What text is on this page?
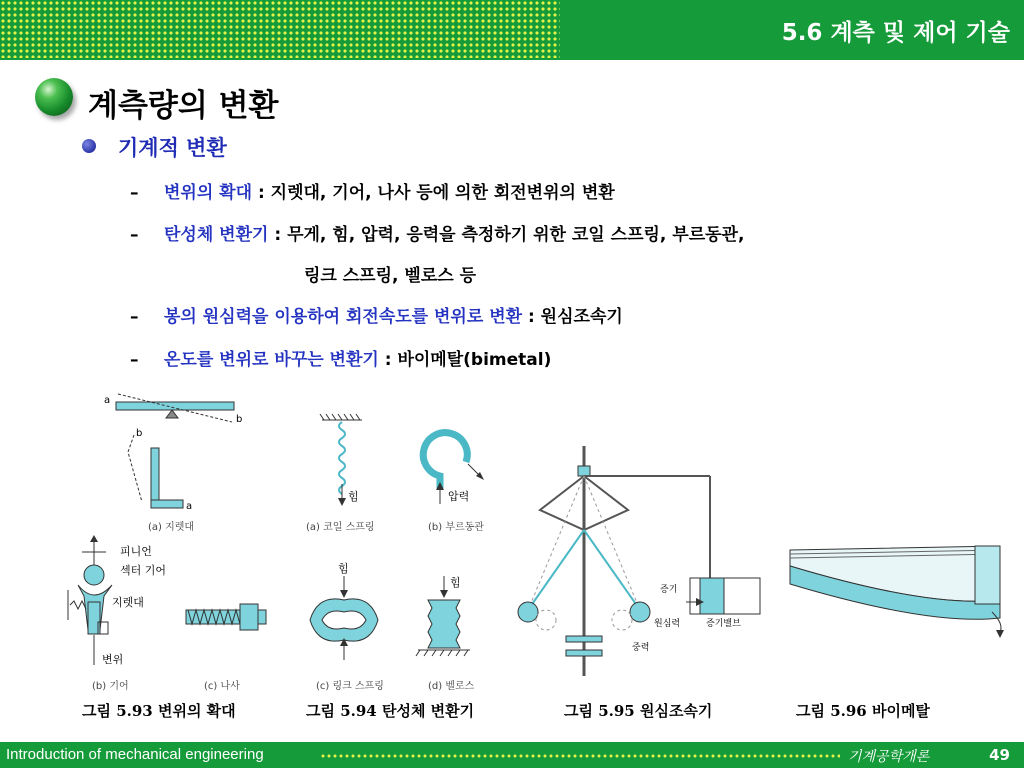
5.6 계측 및 제어 기술
계측량의 변환
기계적 변환
– 변위의 확대 : 지렛대, 기어, 나사 등에 의한 회전변위의 변환
– 탄성체 변환기 : 무게, 힘, 압력, 응력을 측정하기 위한 코일 스프링, 부르동관,
링크 스프링, 벨로스 등
– 봉의 원심력을 이용하여 회전속도를 변위로 변환 : 원심조속기
– 온도를 변위로 바꾸는 변환기 : 바이메탈(bimetal)
a
b
b
a
(a) 지렛대
피니언
섹터 기어
지렛대
변위
(b) 기어	(c) 나사
힘
(a) 코일 스프링
압력
(b) 부르동관
힘
(c) 링크 스프링
힘
(d) 벨로스
증기
원심력	증기밸브
중력
그림 5.93 변위의 확대	그림 5.94 탄성체 변환기	그림 5.95 원심조속기	그림 5.96 바이메탈
Introduction of mechanical engineering	기계공학개론	49
